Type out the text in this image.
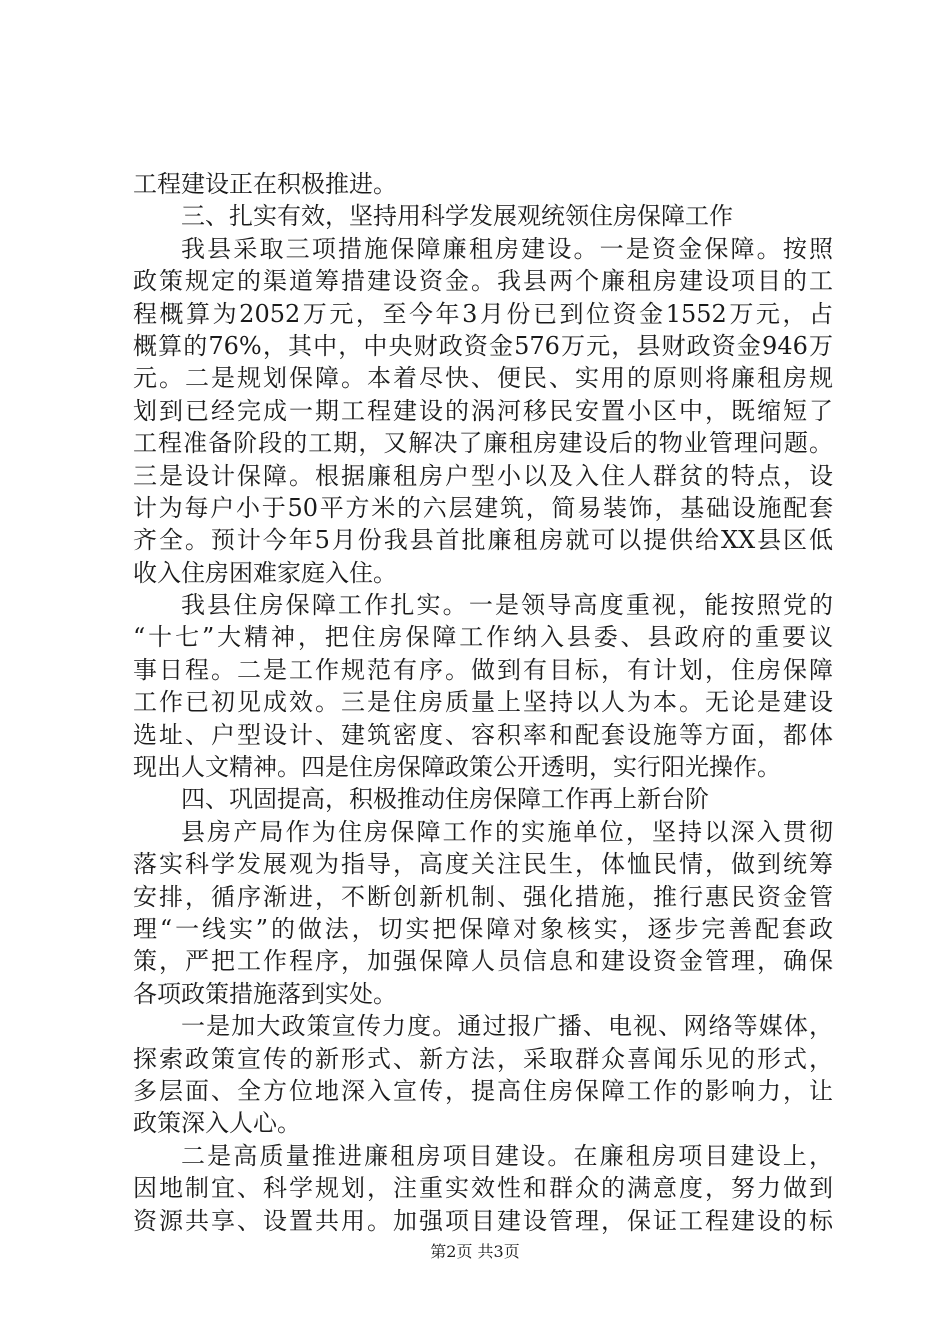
工程建设正在积极推进。
三、扎实有效，坚持用科学发展观统领住房保障工作
我县采取三项措施保障廉租房建设。一是资金保障。按照
政策规定的渠道筹措建设资金。我县两个廉租房建设项目的工
程概算为2052万元，至今年3月份已到位资金1552万元，占
概算的76%，其中，中央财政资金576万元，县财政资金946万
元。二是规划保障。本着尽快、便民、实用的原则将廉租房规
划到已经完成一期工程建设的涡河移民安置小区中，既缩短了
工程准备阶段的工期，又解决了廉租房建设后的物业管理问题。
三是设计保障。根据廉租房户型小以及入住人群贫的特点，设
计为每户小于50平方米的六层建筑，简易装饰，基础设施配套
齐全。预计今年5月份我县首批廉租房就可以提供给XX县区低
收入住房困难家庭入住。
我县住房保障工作扎实。一是领导高度重视，能按照党的
“十七”大精神，把住房保障工作纳入县委、县政府的重要议
事日程。二是工作规范有序。做到有目标，有计划，住房保障
工作已初见成效。三是住房质量上坚持以人为本。无论是建设
选址、户型设计、建筑密度、容积率和配套设施等方面，都体
现出人文精神。四是住房保障政策公开透明，实行阳光操作。
四、巩固提高，积极推动住房保障工作再上新台阶
县房产局作为住房保障工作的实施单位，坚持以深入贯彻
落实科学发展观为指导，高度关注民生，体恤民情，做到统筹
安排，循序渐进，不断创新机制、强化措施，推行惠民资金管
理“一线实”的做法，切实把保障对象核实，逐步完善配套政
策，严把工作程序，加强保障人员信息和建设资金管理，确保
各项政策措施落到实处。
一是加大政策宣传力度。通过报广播、电视、网络等媒体，
探索政策宣传的新形式、新方法，采取群众喜闻乐见的形式，
多层面、全方位地深入宣传，提高住房保障工作的影响力，让
政策深入人心。
二是高质量推进廉租房项目建设。在廉租房项目建设上，
因地制宜、科学规划，注重实效性和群众的满意度，努力做到
资源共享、设置共用。加强项目建设管理，保证工程建设的标
第2页 共3页
